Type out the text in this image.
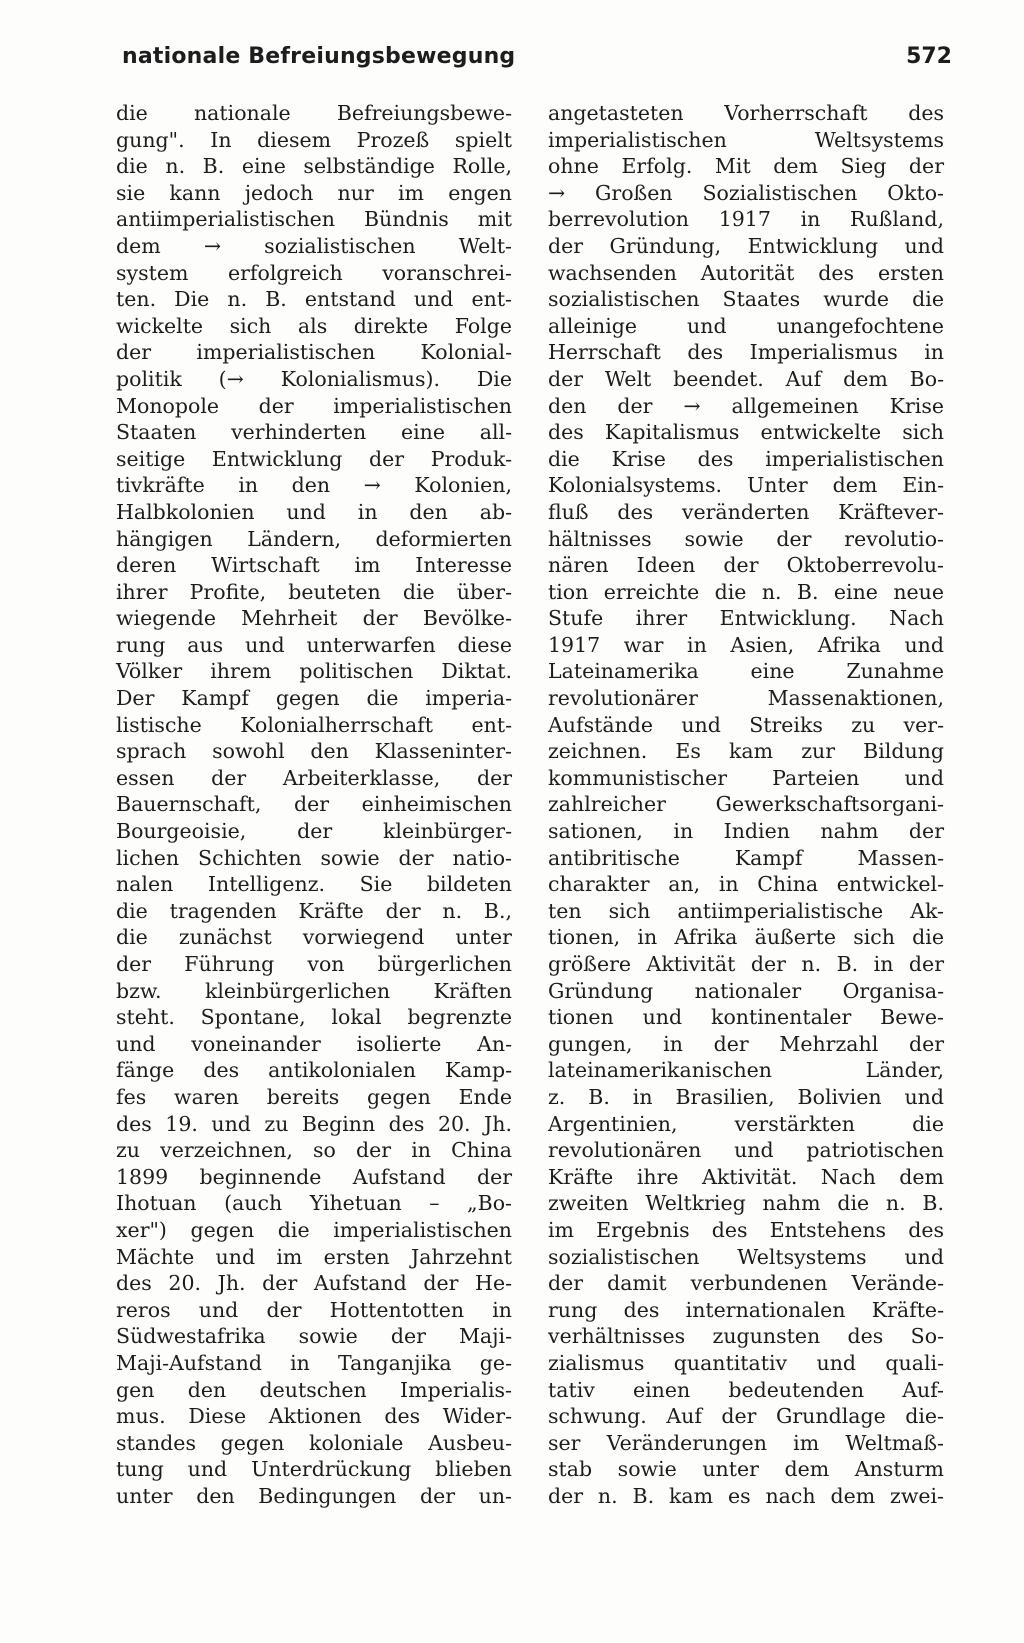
nationale Befreiungsbewegung	572
die nationale Befreiungsbewe-
gung". In diesem Prozeß spielt
die n. B. eine selbständige Rolle,
sie kann jedoch nur im engen
antiimperialistischen Bündnis mit
dem → sozialistischen Welt-
system erfolgreich voranschrei-
ten. Die n. B. entstand und ent-
wickelte sich als direkte Folge
der imperialistischen Kolonial-
politik (→ Kolonialismus). Die
Monopole der imperialistischen
Staaten verhinderten eine all-
seitige Entwicklung der Produk-
tivkräfte in den → Kolonien,
Halbkolonien und in den ab-
hängigen Ländern, deformierten
deren Wirtschaft im Interesse
ihrer Profite, beuteten die über-
wiegende Mehrheit der Bevölke-
rung aus und unterwarfen diese
Völker ihrem politischen Diktat.
Der Kampf gegen die imperia-
listische Kolonialherrschaft ent-
sprach sowohl den Klasseninter-
essen der Arbeiterklasse, der
Bauernschaft, der einheimischen
Bourgeoisie, der kleinbürger-
lichen Schichten sowie der natio-
nalen Intelligenz. Sie bildeten
die tragenden Kräfte der n. B.,
die zunächst vorwiegend unter
der Führung von bürgerlichen
bzw. kleinbürgerlichen Kräften
steht. Spontane, lokal begrenzte
und voneinander isolierte An-
fänge des antikolonialen Kamp-
fes waren bereits gegen Ende
des 19. und zu Beginn des 20. Jh.
zu verzeichnen, so der in China
1899 beginnende Aufstand der
Ihotuan (auch Yihetuan – „Bo-
xer") gegen die imperialistischen
Mächte und im ersten Jahrzehnt
des 20. Jh. der Aufstand der He-
reros und der Hottentotten in
Südwestafrika sowie der Maji-
Maji-Aufstand in Tanganjika ge-
gen den deutschen Imperialis-
mus. Diese Aktionen des Wider-
standes gegen koloniale Ausbeu-
tung und Unterdrückung blieben
unter den Bedingungen der un-
angetasteten Vorherrschaft des
imperialistischen Weltsystems
ohne Erfolg. Mit dem Sieg der
→ Großen Sozialistischen Okto-
berrevolution 1917 in Rußland,
der Gründung, Entwicklung und
wachsenden Autorität des ersten
sozialistischen Staates wurde die
alleinige und unangefochtene
Herrschaft des Imperialismus in
der Welt beendet. Auf dem Bo-
den der → allgemeinen Krise
des Kapitalismus entwickelte sich
die Krise des imperialistischen
Kolonialsystems. Unter dem Ein-
fluß des veränderten Kräftever-
hältnisses sowie der revolutio-
nären Ideen der Oktoberrevolu-
tion erreichte die n. B. eine neue
Stufe ihrer Entwicklung. Nach
1917 war in Asien, Afrika und
Lateinamerika eine Zunahme
revolutionärer Massenaktionen,
Aufstände und Streiks zu ver-
zeichnen. Es kam zur Bildung
kommunistischer Parteien und
zahlreicher Gewerkschaftsorgani-
sationen, in Indien nahm der
antibritische Kampf Massen-
charakter an, in China entwickel-
ten sich antiimperialistische Ak-
tionen, in Afrika äußerte sich die
größere Aktivität der n. B. in der
Gründung nationaler Organisa-
tionen und kontinentaler Bewe-
gungen, in der Mehrzahl der
lateinamerikanischen Länder,
z. B. in Brasilien, Bolivien und
Argentinien, verstärkten die
revolutionären und patriotischen
Kräfte ihre Aktivität. Nach dem
zweiten Weltkrieg nahm die n. B.
im Ergebnis des Entstehens des
sozialistischen Weltsystems und
der damit verbundenen Verände-
rung des internationalen Kräfte-
verhältnisses zugunsten des So-
zialismus quantitativ und quali-
tativ einen bedeutenden Auf-
schwung. Auf der Grundlage die-
ser Veränderungen im Weltmaß-
stab sowie unter dem Ansturm
der n. B. kam es nach dem zwei-
